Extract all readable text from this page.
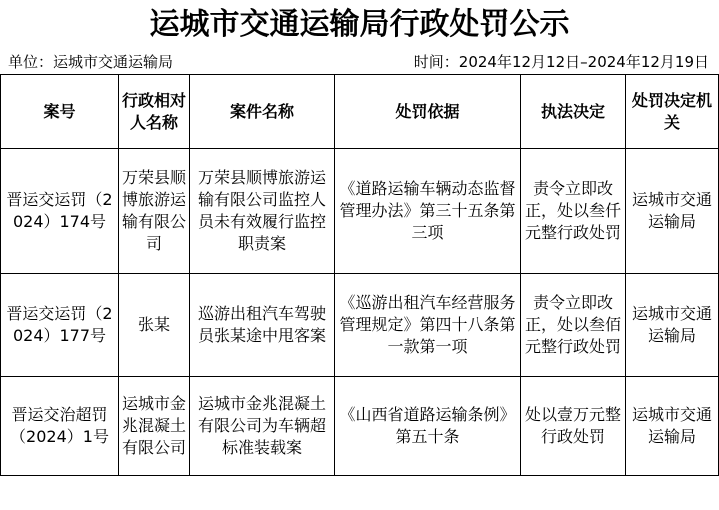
运城市交通运输局行政处罚公示
单位：运城市交通运输局	时间：2024年12月12日–2024年12月19日
案号	行政相对人名称	案件名称	处罚依据	执法决定	处罚决定机关
晋运交运罚（2024）174号	万荣县顺博旅游运输有限公司	万荣县顺博旅游运输有限公司监控人员未有效履行监控职责案	《道路运输车辆动态监督管理办法》第三十五条第三项	责令立即改正，处以叁仟元整行政处罚	运城市交通运输局
晋运交运罚（2024）177号	张某	巡游出租汽车驾驶员张某途中甩客案	《巡游出租汽车经营服务管理规定》第四十八条第一款第一项	责令立即改正，处以叁佰元整行政处罚	运城市交通运输局
晋运交治超罚（2024）1号	运城市金兆混凝土有限公司	运城市金兆混凝土有限公司为车辆超标准装载案	《山西省道路运输条例》第五十条	处以壹万元整行政处罚	运城市交通运输局
